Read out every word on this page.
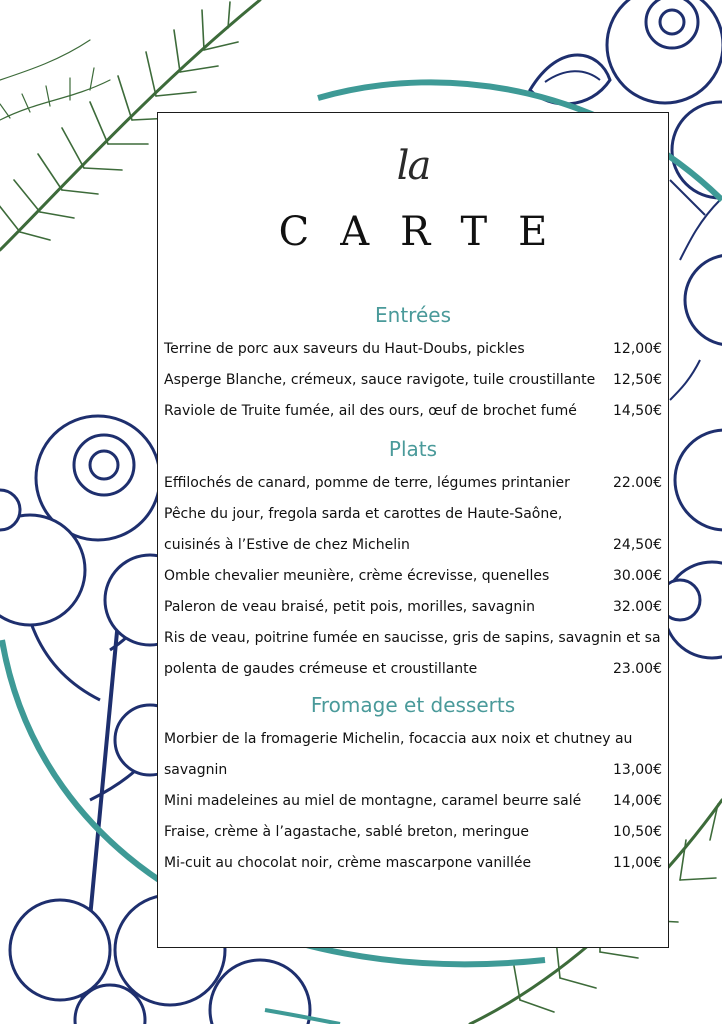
la
CARTE
Entrées
Terrine de porc aux saveurs du Haut-Doubs, pickles	12,00€
Asperge Blanche, crémeux, sauce ravigote, tuile croustillante 12,50€
Raviole de Truite fumée, ail des ours, œuf de brochet fumé	14,50€
Plats
Effilochés de canard, pomme de terre, légumes printanier	22.00€
Pêche du jour, fregola sarda et carottes de Haute-Saône,
cuisinés à l’Estive de chez Michelin	24,50€
Omble chevalier meunière, crème écrevisse, quenelles	30.00€
Paleron de veau braisé, petit pois, morilles, savagnin	32.00€
Ris de veau, poitrine fumée en saucisse, gris de sapins, savagnin et sa
polenta de gaudes crémeuse et croustillante	23.00€
Fromage et desserts
Morbier de la fromagerie Michelin, focaccia aux noix et chutney au
savagnin	13,00€
Mini madeleines au miel de montagne, caramel beurre salé 14,00€
Fraise, crème à l’agastache, sablé breton, meringue	10,50€
Mi-cuit au chocolat noir, crème mascarpone vanillée	11,00€
